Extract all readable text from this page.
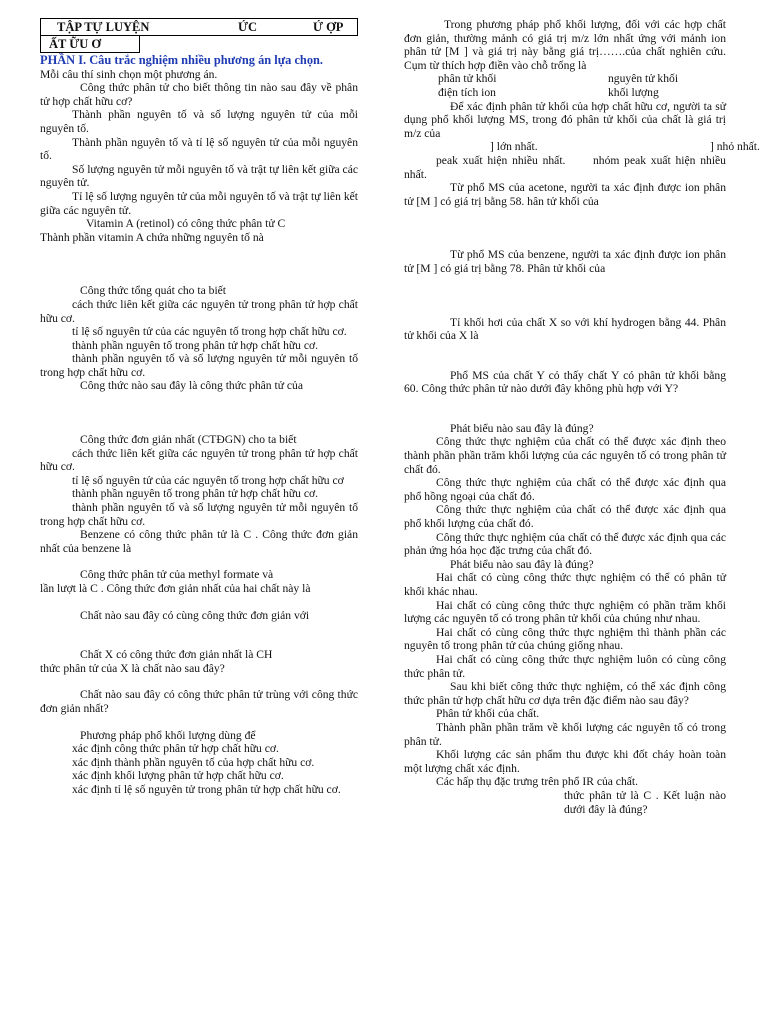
TẬP TỰ LUYỆN	ỨC	Ứ ỢP
ẤT ỮU Ơ

PHẦN I. Câu trắc nghiệm nhiều phương án lựa chọn.

Mỗi câu thí sinh chọn một phương án.

Công thức phân tử cho biết thông tin nào sau đây về phân tử hợp chất hữu cơ?

Thành phần nguyên tố và số lượng nguyên tử của mỗi nguyên tố.

Thành phần nguyên tố và tỉ lệ số nguyên tử của mỗi nguyên tố.

Số lượng nguyên tử mỗi nguyên tố và trật tự liên kết giữa các nguyên tử.

Tỉ lệ số lượng nguyên tử của mỗi nguyên tố và trật tự liên kết giữa các nguyên tử.

Vitamin A (retinol) có công thức phân tử C

Thành phần vitamin A chứa những nguyên tố nà

Công thức tổng quát cho ta biết

cách thức liên kết giữa các nguyên tử trong phân tử hợp chất hữu cơ.

tỉ lệ số nguyên tử của các nguyên tố trong hợp chất hữu cơ.

thành phần nguyên tố trong phân tử hợp chất hữu cơ.

thành phần nguyên tố và số lượng nguyên tử mỗi nguyên tố trong hợp chất hữu cơ.

Công thức nào sau đây là công thức phân tử của

Công thức đơn giản nhất (CTĐGN) cho ta biết

cách thức liên kết giữa các nguyên tử trong phân tử hợp chất hữu cơ.

tỉ lệ số nguyên tử của các nguyên tố trong hợp chất hữu cơ

thành phần nguyên tố trong phân tử hợp chất hữu cơ.

thành phần nguyên tố và số lượng nguyên tử mỗi nguyên tố trong hợp chất hữu cơ.

Benzene có công thức phân tử là C . Công thức đơn giản nhất của benzene là

Công thức phân tử của methyl formate và

lần lượt là C . Công thức đơn giản nhất của hai chất này là

Chất nào sau đây có cùng công thức đơn giản với

Chất X có công thức đơn giản nhất là CH

thức phân tử của X là chất nào sau đây?

Chất nào sau đây có công thức phân tử trùng với công thức đơn giản nhất?

Phương pháp phổ khối lượng dùng để

xác định công thức phân tử hợp chất hữu cơ.

xác định thành phần nguyên tố của hợp chất hữu cơ.

xác định khối lượng phân tử hợp chất hữu cơ.

xác định tỉ lệ số nguyên tử trong phân tử hợp chất hữu cơ.

Trong phương pháp phổ khối lượng, đối với các hợp chất đơn giản, thường mảnh có giá trị m/z lớn nhất ứng với mảnh ion phân tử [M ] và giá trị này bằng giá trị…….của chất nghiên cứu. Cụm từ thích hợp điền vào chỗ trống là

phân tử khối	nguyên tử khối
điện tích ion	khối lượng

Để xác định phân tử khối của hợp chất hữu cơ, người ta sử dụng phổ khối lượng MS, trong đó phân tử khối của chất là giá trị m/z của

] lớn nhất.	] nhỏ nhất.

peak xuất hiện nhiều nhất. nhóm peak xuất hiện nhiều nhất.

Từ phổ MS của acetone, người ta xác định được ion phân tử [M ] có giá trị bằng 58. hân tử khối của

Từ phổ MS của benzene, người ta xác định được ion phân tử [M ] có giá trị bằng 78. Phân tử khối của

Tỉ khối hơi của chất X so với khí hydrogen bằng 44. Phân tử khối của X là

Phổ MS của chất Y cỏ thấy chất Y có phân tử khối bằng 60. Công thức phân tử nào dưới đây không phù hợp với Y?

Phát biểu nào sau đây là đúng?

Công thức thực nghiệm của chất có thể được xác định theo thành phần phần trăm khối lượng của các nguyên tố có trong phân tử chất đó.

Công thức thực nghiệm của chất có thể được xác định qua phổ hồng ngoại của chất đó.

Công thức thực nghiệm của chất có thể được xác định qua phổ khối lượng của chất đó.

Công thức thực nghiệm của chất có thể được xác định qua các phản ứng hóa học đặc trưng của chất đó.

Phát biểu nào sau đây là đúng?

Hai chất có cùng công thức thực nghiệm có thể có phân tử khối khác nhau.

Hai chất có cùng công thức thực nghiệm có phần trăm khối lượng các nguyên tố có trong phân tử khối của chúng như nhau.

Hai chất có cùng công thức thực nghiệm thì thành phần các nguyên tố trong phân tử của chúng giống nhau.

Hai chất có cùng công thức thực nghiệm luôn có cùng công thức phân tử.

Sau khi biết công thức thực nghiệm, có thể xác định công thức phân tử hợp chất hữu cơ dựa trên đặc điểm nào sau đây?

Phân tử khối của chất.

Thành phần phần trăm về khối lượng các nguyên tố có trong phân tử.

Khối lượng các sản phẩm thu được khi đốt cháy hoàn toàn một lượng chất xác định.

Các hấp thụ đặc trưng trên phổ IR của chất.

thức phân tử là C . Kết luận nào dưới đây là đúng?
